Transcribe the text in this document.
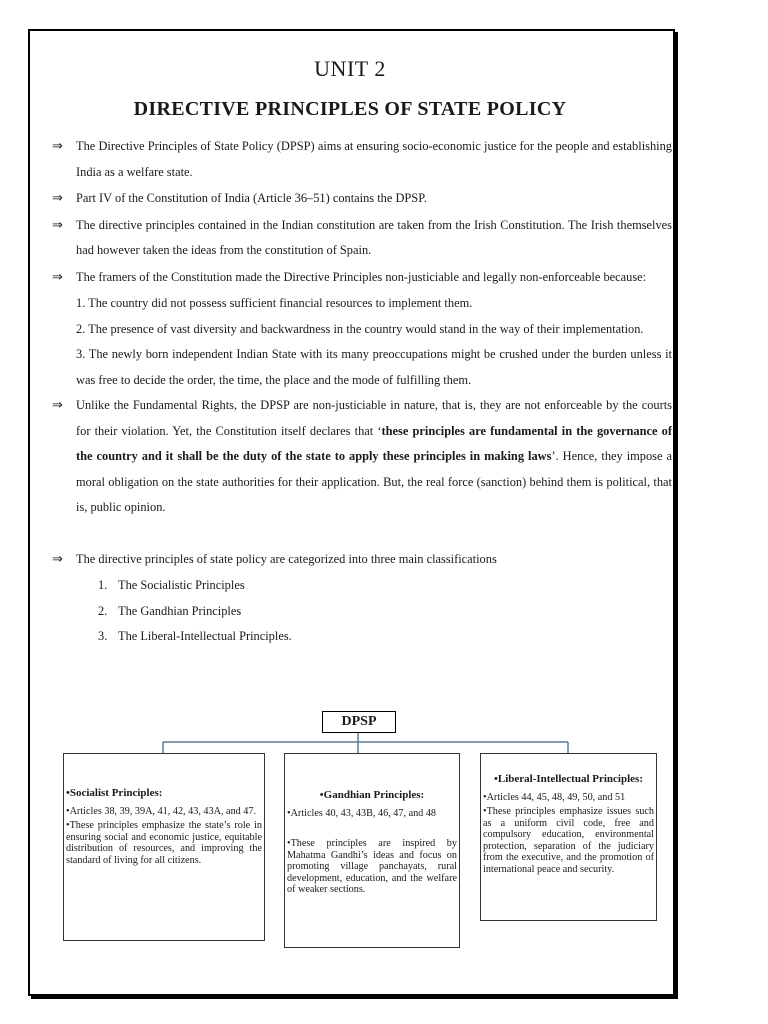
UNIT 2
DIRECTIVE PRINCIPLES OF STATE POLICY
⇒ The Directive Principles of State Policy (DPSP) aims at ensuring socio-economic justice for the people and establishing India as a welfare state.
⇒ Part IV of the Constitution of India (Article 36–51) contains the DPSP.
⇒ The directive principles contained in the Indian constitution are taken from the Irish Constitution. The Irish themselves had however taken the ideas from the constitution of Spain.
⇒ The framers of the Constitution made the Directive Principles non-justiciable and legally non-enforceable because:
1. The country did not possess sufficient financial resources to implement them.
2. The presence of vast diversity and backwardness in the country would stand in the way of their implementation.
3. The newly born independent Indian State with its many preoccupations might be crushed under the burden unless it was free to decide the order, the time, the place and the mode of fulfilling them.
⇒ Unlike the Fundamental Rights, the DPSP are non-justiciable in nature, that is, they are not enforceable by the courts for their violation. Yet, the Constitution itself declares that ‘these principles are fundamental in the governance of the country and it shall be the duty of the state to apply these principles in making laws’. Hence, they impose a moral obligation on the state authorities for their application. But, the real force (sanction) behind them is political, that is, public opinion.
⇒ The directive principles of state policy are categorized into three main classifications
1. The Socialistic Principles
2. The Gandhian Principles
3. The Liberal-Intellectual Principles.
DPSP
•Socialist Principles:

•Articles 38, 39, 39A, 41, 42, 43, 43A, and 47.

•These principles emphasize the state’s role in ensuring social and economic justice, equitable distribution of resources, and improving the standard of living for all citizens.

•Gandhian Principles:

•Articles 40, 43, 43B, 46, 47, and 48

•These principles are inspired by Mahatma Gandhi’s ideas and focus on promoting village panchayats, rural development, education, and the welfare of weaker sections.

•Liberal-Intellectual Principles:

•Articles 44, 45, 48, 49, 50, and 51

•These principles emphasize issues such as a uniform civil code, free and compulsory education, environmental protection, separation of the judiciary from the executive, and the promotion of international peace and security.
